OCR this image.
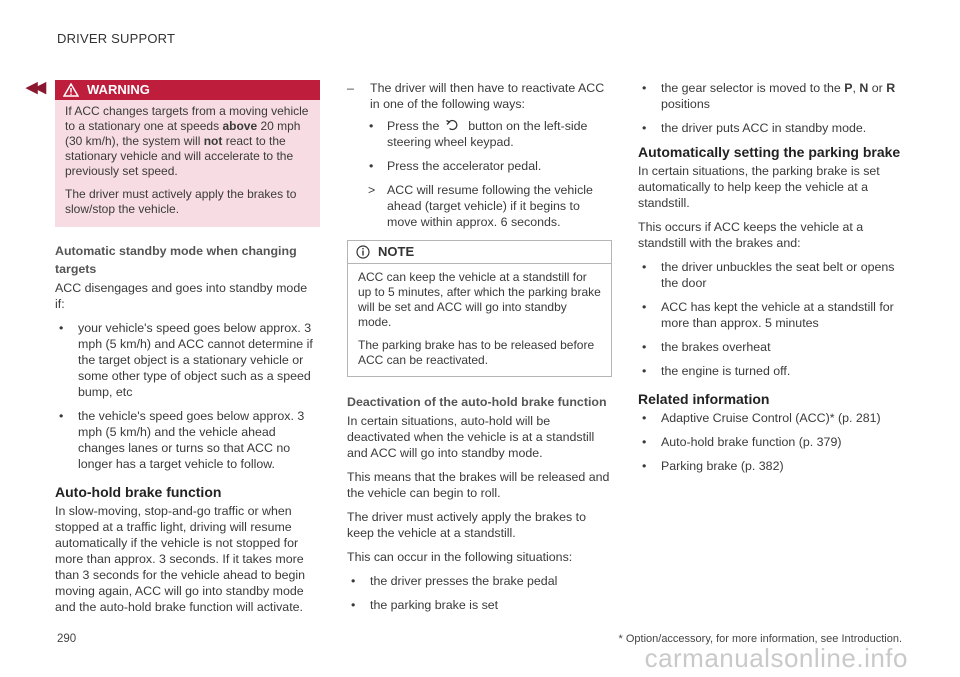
DRIVER SUPPORT
◀◀	WARNING

If ACC changes targets from a moving vehicle to a stationary one at speeds above 20 mph (30 km/h), the system will not react to the stationary vehicle and will accelerate to the previously set speed.

The driver must actively apply the brakes to slow/stop the vehicle.

Automatic standby mode when changing targets

ACC disengages and goes into standby mode if:

• your vehicle's speed goes below approx. 3 mph (5 km/h) and ACC cannot determine if the target object is a stationary vehicle or some other type of object such as a speed bump, etc
• the vehicle's speed goes below approx. 3 mph (5 km/h) and the vehicle ahead changes lanes or turns so that ACC no longer has a target vehicle to follow.
Auto-hold brake function

In slow-moving, stop-and-go traffic or when stopped at a traffic light, driving will resume automatically if the vehicle is not stopped for more than approx. 3 seconds. If it takes more than 3 seconds for the vehicle ahead to begin moving again, ACC will go into standby mode and the auto-hold brake function will activate.

– The driver will then have to reactivate ACC in one of the following ways:
• Press the button on the left-side steering wheel keypad.
• Press the accelerator pedal.
> ACC will resume following the vehicle ahead (target vehicle) if it begins to move within approx. 6 seconds.
NOTE

ACC can keep the vehicle at a standstill for up to 5 minutes, after which the parking brake will be set and ACC will go into standby mode.

The parking brake has to be released before ACC can be reactivated.

Deactivation of the auto-hold brake function

In certain situations, auto-hold will be deactivated when the vehicle is at a standstill and ACC will go into standby mode.

This means that the brakes will be released and the vehicle can begin to roll.

The driver must actively apply the brakes to keep the vehicle at a standstill.

This can occur in the following situations:

• the driver presses the brake pedal
• the parking brake is set
• the gear selector is moved to the P, N or R positions
• the driver puts ACC in standby mode.
Automatically setting the parking brake

In certain situations, the parking brake is set automatically to help keep the vehicle at a standstill.

This occurs if ACC keeps the vehicle at a standstill with the brakes and:

• the driver unbuckles the seat belt or opens the door
• ACC has kept the vehicle at a standstill for more than approx. 5 minutes
• the brakes overheat
• the engine is turned off.
Related information
• Adaptive Cruise Control (ACC)* (p. 281)
• Auto-hold brake function (p. 379)
• Parking brake (p. 382)
290	* Option/accessory, for more information, see Introduction.
carmanualsonline.info
